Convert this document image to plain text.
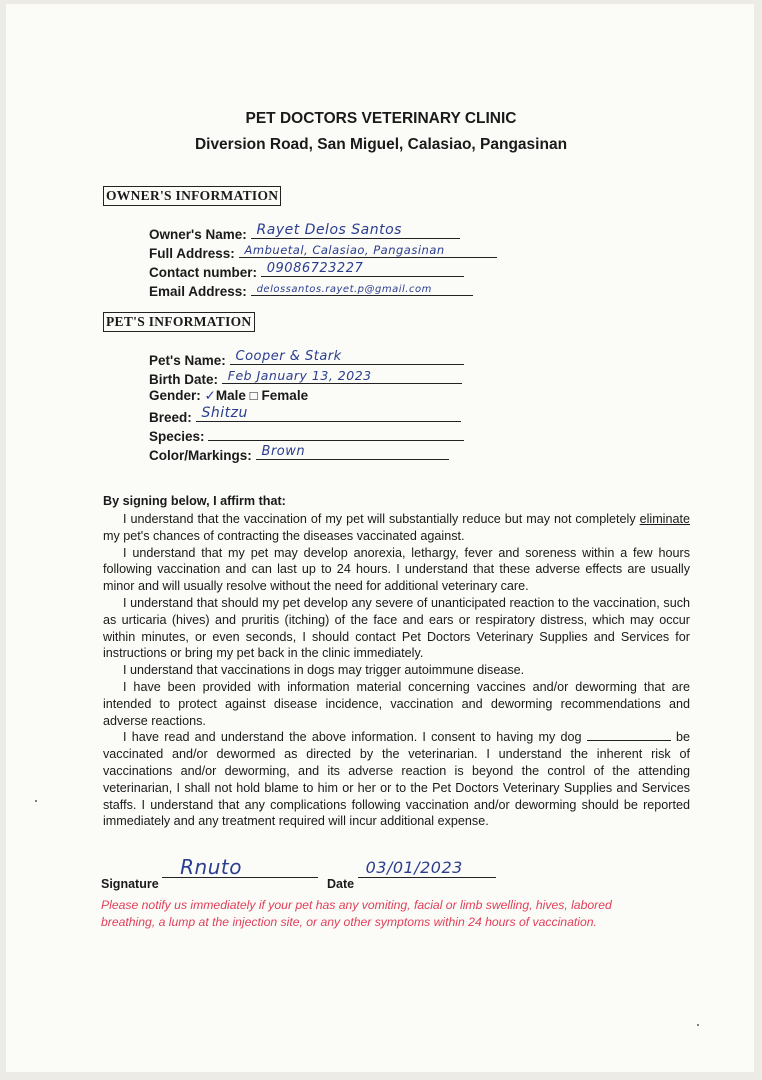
PET DOCTORS VETERINARY CLINIC
Diversion Road, San Miguel, Calasiao, Pangasinan
OWNER'S INFORMATION
Owner's Name: Rayet Delos Santos
Full Address: Ambuetal, Calasiao, Pangasinan
Contact number: 09086723227
Email Address: delossantos.rayet.p@gmail.com
PET'S INFORMATION
Pet's Name: Cooper & Stark
Birth Date: Feb January 13, 2023
Gender: ✓Male □ Female
Breed: Shitzu
Species:
Color/Markings: Brown
By signing below, I affirm that:

I understand that the vaccination of my pet will substantially reduce but may not completely eliminate my pet's chances of contracting the diseases vaccinated against.

I understand that my pet may develop anorexia, lethargy, fever and soreness within a few hours following vaccination and can last up to 24 hours. I understand that these adverse effects are usually minor and will usually resolve without the need for additional veterinary care.

I understand that should my pet develop any severe of unanticipated reaction to the vaccination, such as urticaria (hives) and pruritis (itching) of the face and ears or respiratory distress, which may occur within minutes, or even seconds, I should contact Pet Doctors Veterinary Supplies and Services for instructions or bring my pet back in the clinic immediately.

I understand that vaccinations in dogs may trigger autoimmune disease.

I have been provided with information material concerning vaccines and/or deworming that are intended to protect against disease incidence, vaccination and deworming recommendations and adverse reactions.

I have read and understand the above information. I consent to having my dog	be vaccinated and/or dewormed as directed by the veterinarian. I understand the inherent risk of vaccinations and/or deworming, and its adverse reaction is beyond the control of the attending veterinarian, I shall not hold blame to him or her or to the Pet Doctors Veterinary Supplies and Services staffs. I understand that any complications following vaccination and/or deworming should be reported immediately and any treatment required will incur additional expense.

Signature
Rnuto
Date
03/01/2023
Please notify us immediately if your pet has any vomiting, facial or limb swelling, hives, labored breathing, a lump at the injection site, or any other symptoms within 24 hours of vaccination.
